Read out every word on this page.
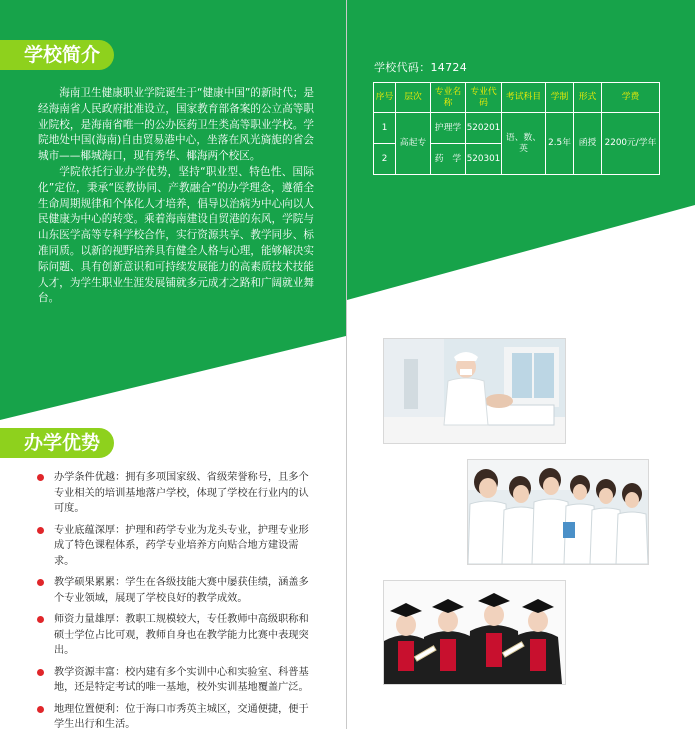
学校简介

海南卫生健康职业学院诞生于“健康中国”的新时代；是经海南省人民政府批准设立，国家教育部备案的公立高等职业院校，是海南省唯一的公办医药卫生类高等职业学校。学院地处中国(海南)自由贸易港中心，坐落在风光旖旎的省会城市——椰城海口，现有秀华、椰海两个校区。

学院依托行业办学优势，坚持“职业型、特色性、国际化”定位，秉承“医教协同、产教融合”的办学理念，遵循全生命周期规律和个体化人才培养，倡导以治病为中心向以人民健康为中心的转变。乘着海南建设自贸港的东风，学院与山东医学高等专科学校合作，实行资源共享、教学同步、标准同质。以新的视野培养具有健全人格与心理，能够解决实际问题、具有创新意识和可持续发展能力的高素质技术技能人才，为学生职业生涯发展铺就多元成才之路和广阔就业舞台。

办学优势
办学条件优越：拥有多项国家级、省级荣誉称号，且多个专业相关的培训基地落户学校，体现了学校在行业内的认可度。
专业底蕴深厚：护理和药学专业为龙头专业，护理专业形成了特色课程体系，药学专业培养方向贴合地方建设需求。
教学硕果累累：学生在各级技能大赛中屡获佳绩，涵盖多个专业领域，展现了学校良好的教学成效。
师资力量雄厚：教职工规模较大，专任教师中高级职称和硕士学位占比可观，教师自身也在教学能力比赛中表现突出。
教学资源丰富：校内建有多个实训中心和实验室、科普基地，还是特定考试的唯一基地，校外实训基地覆盖广泛。
地理位置便利：位于海口市秀英主城区，交通便捷，便于学生出行和生活。
学校代码：14724
序号	层次	专业名称	专业代码	考试科目	学制	形式	学费
1	高起专	护理学	520201	语、数、英	2.5年	函授	2200元/学年
2		药　学	520301				
